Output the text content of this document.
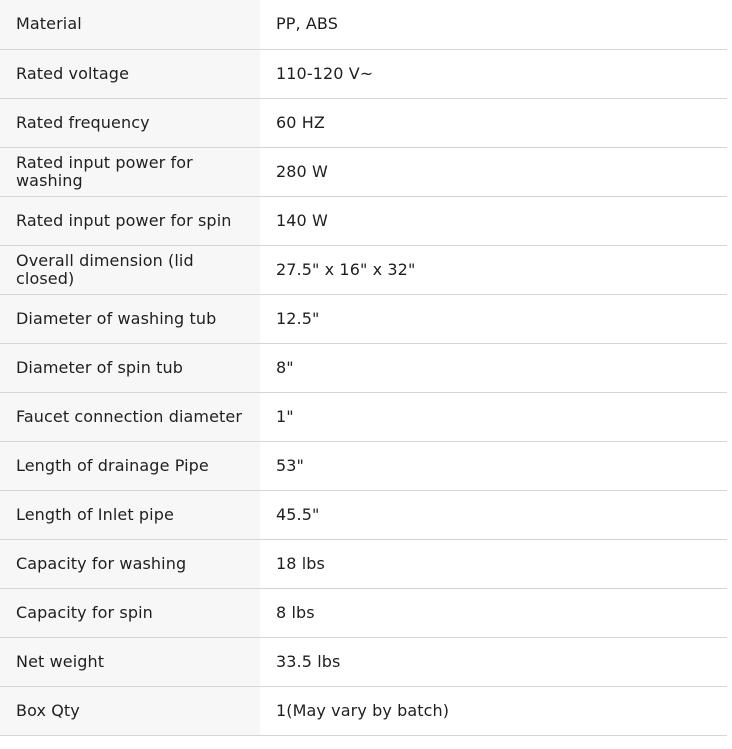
Material	PP, ABS
Rated voltage	110-120 V~
Rated frequency	60 HZ
Rated input power for washing	280 W
Rated input power for spin	140 W
Overall dimension (lid closed)	27.5" x 16" x 32"
Diameter of washing tub	12.5"
Diameter of spin tub	8"
Faucet connection diameter	1"
Length of drainage Pipe	53"
Length of Inlet pipe	45.5"
Capacity for washing	18 lbs
Capacity for spin	8 lbs
Net weight	33.5 lbs
Box Qty	1(May vary by batch)
